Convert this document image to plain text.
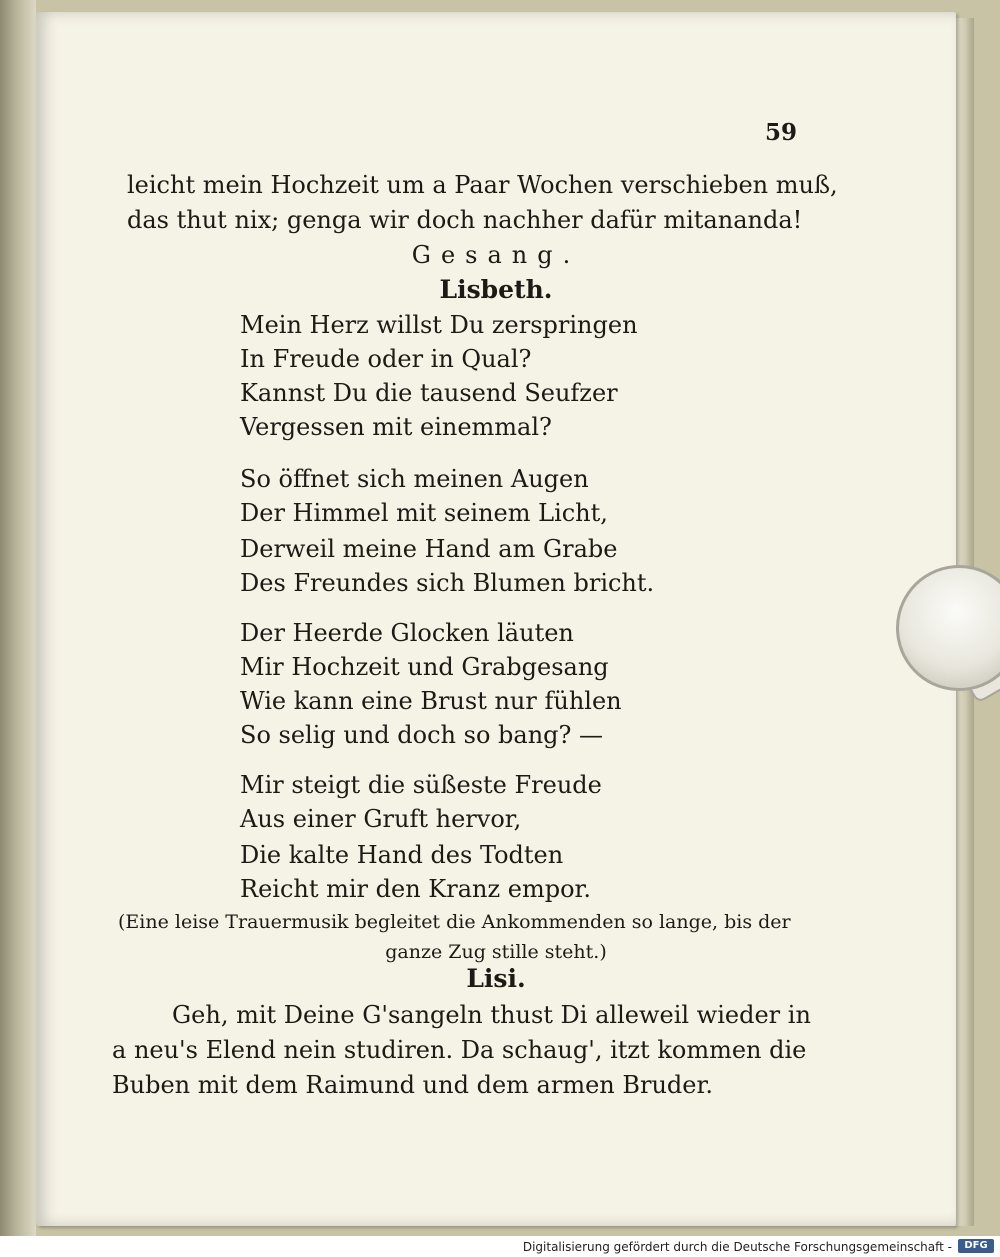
59
leicht mein Hochzeit um a Paar Wochen verschieben muß,
das thut nix; genga wir doch nachher dafür mitananda!
Gesang.
Lisbeth.
Mein Herz willst Du zerspringen
In Freude oder in Qual?
Kannst Du die tausend Seufzer
Vergessen mit einemmal?
So öffnet sich meinen Augen
Der Himmel mit seinem Licht,
Derweil meine Hand am Grabe
Des Freundes sich Blumen bricht.
Der Heerde Glocken läuten
Mir Hochzeit und Grabgesang
Wie kann eine Brust nur fühlen
So selig und doch so bang? —
Mir steigt die süßeste Freude
Aus einer Gruft hervor,
Die kalte Hand des Todten
Reicht mir den Kranz empor.
(Eine leise Trauermusik begleitet die Ankommenden so lange, bis der
ganze Zug stille steht.)
Lisi.
Geh, mit Deine G'sangeln thust Di alleweil wieder in
a neu's Elend nein studiren. Da schaug', itzt kommen die
Buben mit dem Raimund und dem armen Bruder.
Digitalisierung gefördert durch die Deutsche Forschungsgemeinschaft -	DFG
